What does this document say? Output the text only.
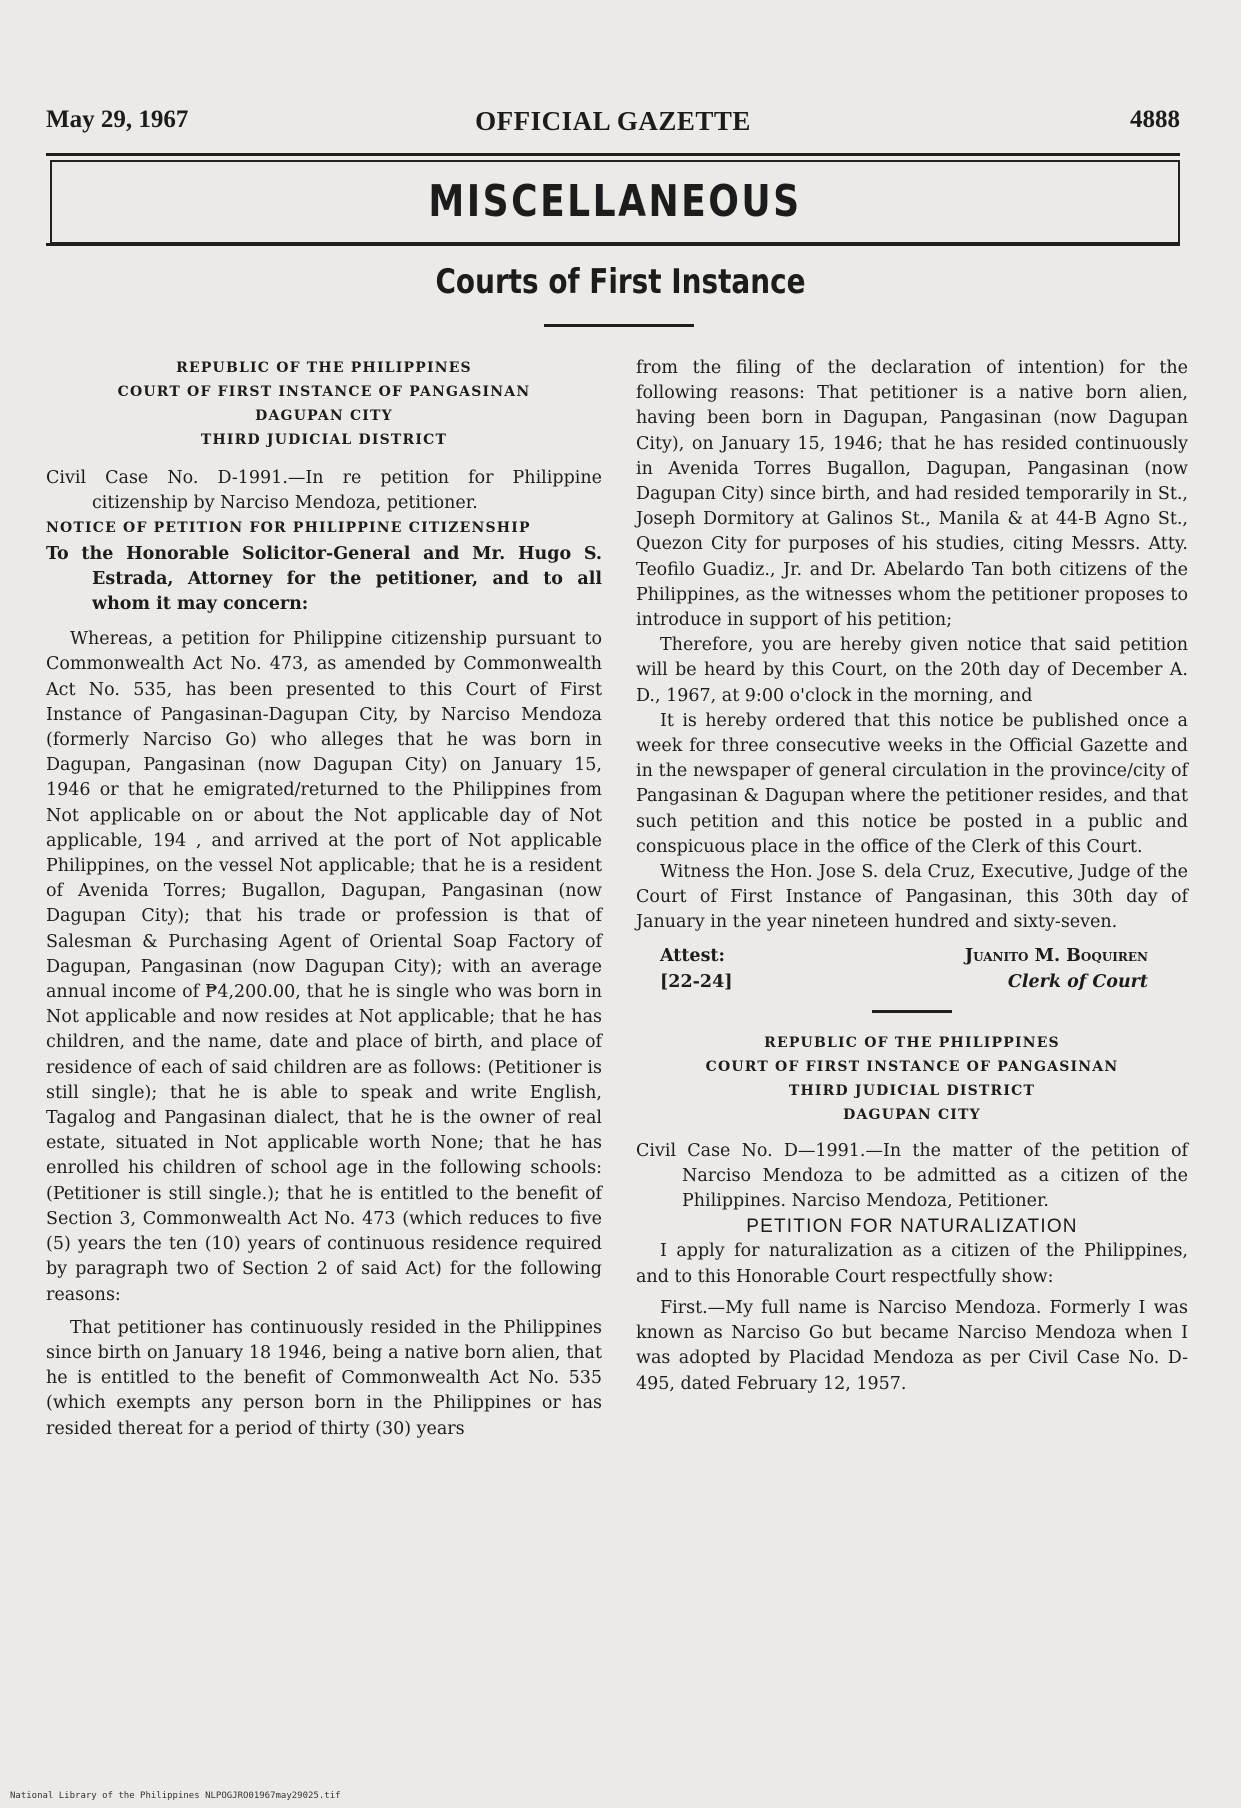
May 29, 1967	OFFICIAL GAZETTE	4888
MISCELLANEOUS
Courts of First Instance

REPUBLIC OF THE PHILIPPINES

COURT OF FIRST INSTANCE OF PANGASINAN

DAGUPAN CITY

THIRD JUDICIAL DISTRICT

Civil Case No. D-1991.—In re petition for Philippine citizenship by Narciso Mendoza, petitioner.

NOTICE OF PETITION FOR PHILIPPINE CITIZENSHIP

To the Honorable Solicitor-General and Mr. Hugo S. Estrada, Attorney for the petitioner, and to all whom it may concern:

Whereas, a petition for Philippine citizenship pursuant to Commonwealth Act No. 473, as amended by Commonwealth Act No. 535, has been presented to this Court of First Instance of Pangasinan-Dagupan City, by Narciso Mendoza (formerly Narciso Go) who alleges that he was born in Dagupan, Pangasinan (now Dagupan City) on January 15, 1946 or that he emigrated/returned to the Philippines from Not applicable on or about the Not applicable day of Not applicable, 194 , and arrived at the port of Not applicable Philippines, on the vessel Not applicable; that he is a resident of Avenida Torres; Bugallon, Dagupan, Pangasinan (now Dagupan City); that his trade or profession is that of Salesman & Purchasing Agent of Oriental Soap Factory of Dagupan, Pangasinan (now Dagupan City); with an average annual income of ₱4,200.00, that he is single who was born in Not applicable and now resides at Not applicable; that he has children, and the name, date and place of birth, and place of residence of each of said children are as follows: (Petitioner is still single); that he is able to speak and write English, Tagalog and Pangasinan dialect, that he is the owner of real estate, situated in Not applicable worth None; that he has enrolled his children of school age in the following schools: (Petitioner is still single.); that he is entitled to the benefit of Section 3, Commonwealth Act No. 473 (which reduces to five (5) years the ten (10) years of continuous residence required by paragraph two of Section 2 of said Act) for the following reasons:

That petitioner has continuously resided in the Philippines since birth on January 18 1946, being a native born alien, that he is entitled to the benefit of Commonwealth Act No. 535 (which exempts any person born in the Philippines or has resided thereat for a period of thirty (30) years

from the filing of the declaration of intention) for the following reasons: That petitioner is a native born alien, having been born in Dagupan, Pangasinan (now Dagupan City), on January 15, 1946; that he has resided continuously in Avenida Torres Bugallon, Dagupan, Pangasinan (now Dagupan City) since birth, and had resided temporarily in St., Joseph Dormitory at Galinos St., Manila & at 44-B Agno St., Quezon City for purposes of his studies, citing Messrs. Atty. Teofilo Guadiz., Jr. and Dr. Abelardo Tan both citizens of the Philippines, as the witnesses whom the petitioner proposes to introduce in support of his petition;

Therefore, you are hereby given notice that said petition will be heard by this Court, on the 20th day of December A. D., 1967, at 9:00 o'clock in the morning, and

It is hereby ordered that this notice be published once a week for three consecutive weeks in the Official Gazette and in the newspaper of general circulation in the province/city of Pangasinan & Dagupan where the petitioner resides, and that such petition and this notice be posted in a public and conspicuous place in the office of the Clerk of this Court.

Witness the Hon. Jose S. dela Cruz, Executive, Judge of the Court of First Instance of Pangasinan, this 30th day of January in the year nineteen hundred and sixty-seven.

Attest:
[22-24]
Juanito M. Boquiren
Clerk of Court

REPUBLIC OF THE PHILIPPINES

COURT OF FIRST INSTANCE OF PANGASINAN

THIRD JUDICIAL DISTRICT

DAGUPAN CITY

Civil Case No. D—1991.—In the matter of the petition of Narciso Mendoza to be admitted as a citizen of the Philippines. Narciso Mendoza, Petitioner.

PETITION FOR NATURALIZATION

I apply for naturalization as a citizen of the Philippines, and to this Honorable Court respectfully show:

First.—My full name is Narciso Mendoza. Formerly I was known as Narciso Go but became Narciso Mendoza when I was adopted by Placidad Mendoza as per Civil Case No. D-495, dated February 12, 1957.

National Library of the Philippines NLPOGJRO01967may29025.tif
